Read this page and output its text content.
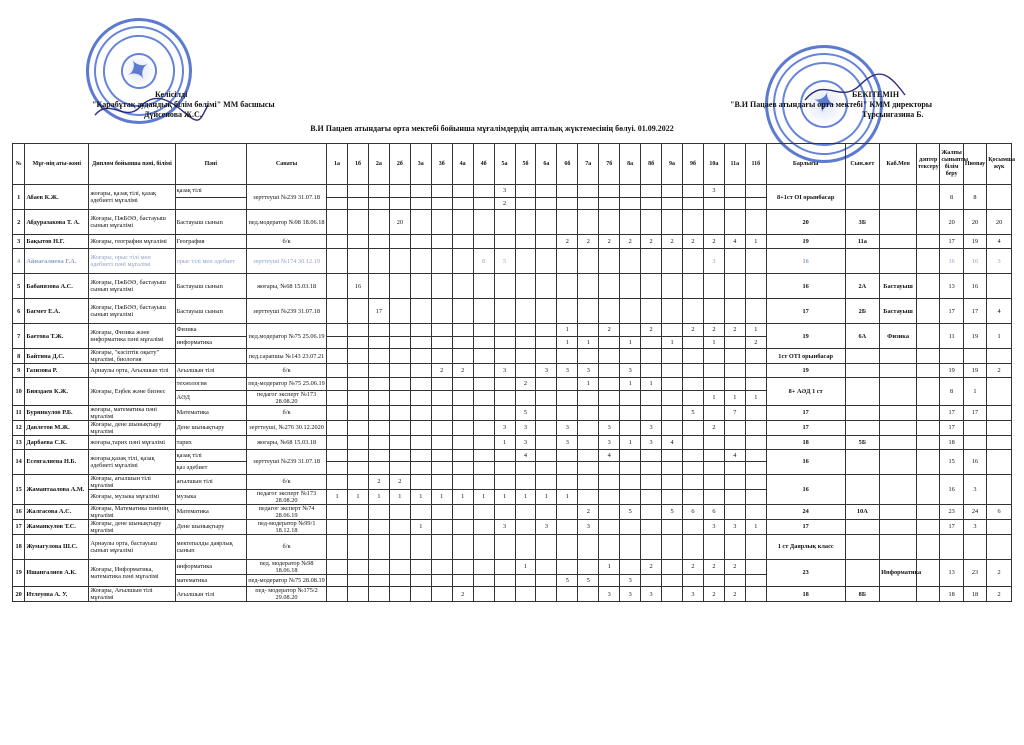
✦
✦
Келісілді
"Қарабұтақ аудандық білім бөлімі" ММ басшысы
Дүйсенова Ж.С.
БЕКІТЕМІН
"В.И Пацаев атындағы орта мектебі" КММ директоры
Тұрсынгазина Б.
В.И Пацаев атындағы орта мектебі бойынша мұғалімдердің апталық жүктемесінің бөлуі. 01.09.2022
№	Мұғ-нің аты-жөні	Диплом бойынша пәні, білімі	Пәні	Санаты	1а	1б	2а	2б	3а	3б	4а	4б	5а	5б	6а	6б	7а	7б	8а	8б	9а	9б	10а	11а	11б	Барлығы	Сын.жет	Каб.Мен	дәптер тексеру	Жалпы сыныпты білім беру	Ниопау	Қосымша жүк
1	Абаев К.Ж.	жоғары, қазақ тілі, қазақ әдебиеті мұғалімі	қазақ тілі	зерттеуші №239 31.07.18									3										3			8+1ст ОІ орынбасар				8	8	
													2																			
2	Абдуразакова Т. А.	Жоғары, ПжБӘӘ, бастауыш сынып мұғалімі	Бастауыш сынып	пед.модератор №98 18.06.18				20																		20	3Б			20	20	20
3	Бақытов Н.Г.	Жоғары, география мұғалімі	География	б/к												2	2	2	2	2	2	2	2	4	1	19	11а			17	19	4
4	Айнагалиева Г.А.	Жоғары, орыс тілі мен әдебиеті пәні мұғалімі	орыс тілі мен әдебиет	зерттеуші №174 30.12.19								8	5										3			16				16	16	3
5	Бабанязова А.С.	Жоғары, ПжБӘӘ, бастауыш сынып мұғалімі	Бастауыш сынып	жоғары, №68 15.03.18		16																				16	2А	Бастауыш		13	16	
6	Багмет Е.А.	Жоғары, ПжБӘӘ, бастауыш сынып мұғалімі	Бастауыш сынып	зерттеуші №239 31.07.18			17																			17	2Б	Бастауыш		17	17	4
7	Баетова Т.Ж.	Жоғары, Физика және информатика пәні мұғалімі	Физика	пед.модератор №75 25.06.19												1		2		2		2	2	2	1	19	6А	Физика		11	19	1
			информатика													1	1		1		1		1		2							
8	Байтина Д.С.	Жоғары, "кәсіптік оқыту" мұғалімі, биология		пед.сарапшы №143 23.07.21																						1ст ОТІ орынбасар						
9	Газизова Р.	Арнаулы орта, Ағылшын тілі	Ағылшын тілі	б/к						2	2		3		3	3	3		3							19				19	19	2
10	Бияздаев К.Ж.	Жоғары, Еңбек және бизнес	технология	пед-модератор №75 25.06.19										2			1		1	1						8+ АӘД 1 ст				8	1	
			АӘД	педагог эксперт №173 28.08.20																			1	1	1							
11	Буринкулов Р.Б.	жоғары, математика пәні мұғалімі	Математика	б/к										5								5		7		17				17	17	
12	Давлетов М.Ж.	Жоғары, дене шынықтыру мұғалімі	Дене шынықтыру	зерттеуші, №276 30.12.2020									3	3		3		3		3			2			17				17		
13	Дарбаева С.К.	жоғары,тарих пәні мұғалімі	тарих	жоғары, №68 15.03.18									1	3		3		3	1	3	4					18	5Б			18		
14	Есенгалиева Н.Б.	жоғары,қазақ тілі, қазақ әдебиеті мұғалімі	қазақ тілі	зерттеуші №239 31.07.18										4				4						4		16				15	16	
			қаз әдебиет																													
15	Жамантаалова А.М.	Жоғары, ағылшын тілі мұғалімі	ағылшын тілі	б/к			2	2																		16				16	3	
		Жоғары, музыка мұғалімі	музыка	педагог эксперт №173 28.08.20	1	1	1	1	1	1	1	1	1	1	1	1																
16	Жалгасова А.С.	Жоғары, Математика пәнінің мұғалімі	Математика	педагог эксперт №74 28.06.19													2		5		5	6	6			24	10А			23	24	6
17	Жаманкулов Т.С.	Жоғары, дене шынықтыру мұғалімі	Дене шынықтыру	пед-модератор №99/1 18.12.18					1				3		3		3						3	3	1	17				17	3	
18	Жумагулова Ш.С.	Арнаулы орта, бастауыш сынып мұғалімі	мектепалды даярлық сынып	б/к																						1 ст Даярлық класс						
19	Ишангалиев А.К.	Жоғары, Информатика, математика пәні мұғалімі	информатика	пед. модератор №98 18.06.18										1				1		2		2	2	2		23		Информатика		13	23	2
			математика	пед-модератор №75 28.08.19												5	5		3													
20	Итлеуова А. У.	Жоғары, Ағылшын тілі мұғалімі	Ағылшын тілі	пед- модератор №175/2 29.08.20							2							3	3	3		3	2	2		18	8Б			18	18	2
